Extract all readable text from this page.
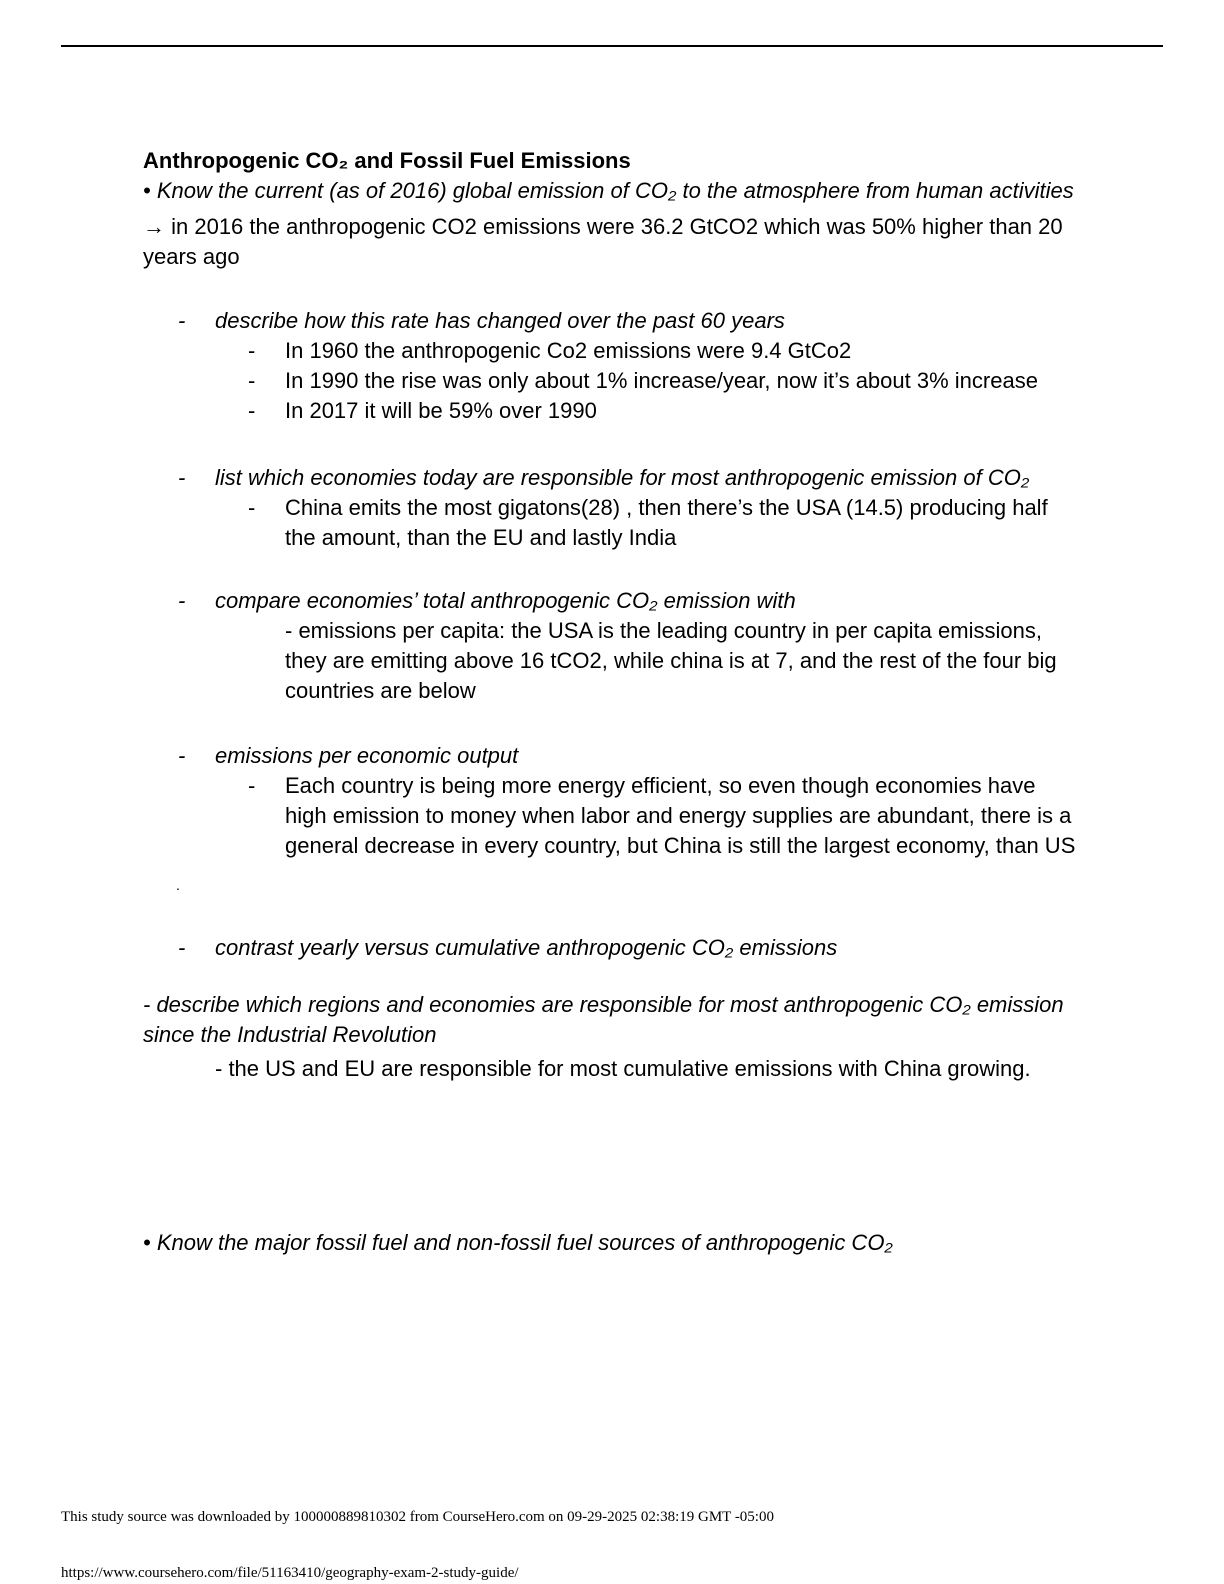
Anthropogenic CO₂ and Fossil Fuel Emissions

• Know the current (as of 2016) global emission of CO₂ to the atmosphere from human activities

→ in 2016 the anthropogenic CO2 emissions were 36.2 GtCO2 which was 50% higher than 20 years ago

-	describe how this rate has changed over the past 60 years
-	In 1960 the anthropogenic Co2 emissions were 9.4 GtCo2
-	In 1990 the rise was only about 1% increase/year, now it’s about 3% increase
-	In 2017 it will be 59% over 1990
-	list which economies today are responsible for most anthropogenic emission of CO₂
-	China emits the most gigatons(28) , then there’s the USA (14.5) producing half the amount, than the EU and lastly India
-	compare economies’ total anthropogenic CO₂ emission with

- emissions per capita: the USA is the leading country in per capita emissions, they are emitting above 16 tCO2, while china is at 7, and the rest of the four big countries are below

-	emissions per economic output
-	Each country is being more energy efficient, so even though economies have high emission to money when labor and energy supplies are abundant, there is a general decrease in every country, but China is still the largest economy, than US
.
-	contrast yearly versus cumulative anthropogenic CO₂ emissions

- describe which regions and economies are responsible for most anthropogenic CO₂ emission since the Industrial Revolution

- the US and EU are responsible for most cumulative emissions with China growing.

• Know the major fossil fuel and non-fossil fuel sources of anthropogenic CO₂

This study source was downloaded by 100000889810302 from CourseHero.com on 09-29-2025 02:38:19 GMT -05:00
https://www.coursehero.com/file/51163410/geography-exam-2-study-guide/
